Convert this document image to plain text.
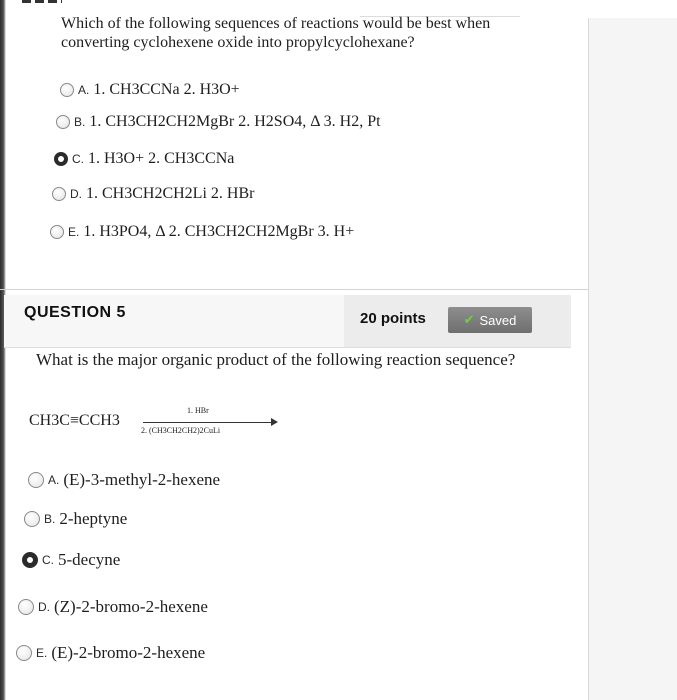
Which of the following sequences of reactions would be best when converting cyclohexene oxide into propylcyclohexane?
A. 1. CH3CCNa 2. H3O+
B. 1. CH3CH2CH2MgBr 2. H2SO4, Δ 3. H2, Pt
C. 1. H3O+ 2. CH3CCNa
D. 1. CH3CH2CH2Li 2. HBr
E. 1. H3PO4, Δ 2. CH3CH2CH2MgBr 3. H+
QUESTION 5	20 points	✔ Saved
What is the major organic product of the following reaction sequence?
CH3C≡CCH3
1. HBr
2. (CH3CH2CH2)2CuLi
A. (E)-3-methyl-2-hexene
B. 2-heptyne
C. 5-decyne
D. (Z)-2-bromo-2-hexene
E. (E)-2-bromo-2-hexene
